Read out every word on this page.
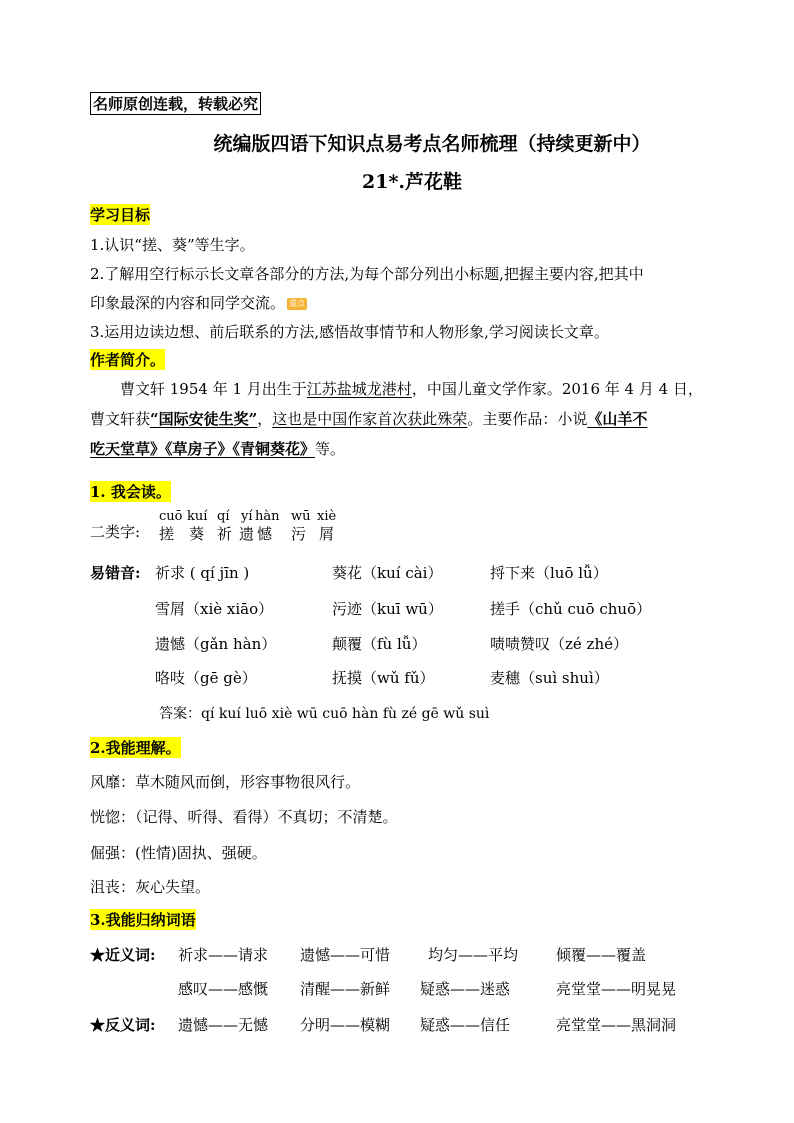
名师原创连载，转载必究
统编版四语下知识点易考点名师梳理（持续更新中）
21*.芦花鞋
学习目标
1.认识“搓、葵”等生字。
2.了解用空行标示长文章各部分的方法,为每个部分列出小标题,把握主要内容,把其中
印象最深的内容和同学交流。 重点
3.运用边读边想、前后联系的方法,感悟故事情节和人物形象,学习阅读长文章。
作者简介。
曹文轩 1954 年 1 月出生于江苏盐城龙港村，中国儿童文学作家。2016 年 4 月 4 日，
曹文轩获“国际安徒生奖”，这也是中国作家首次获此殊荣。主要作品：小说《山羊不
吃天堂草》《草房子》《青铜葵花》等。
1. 我会读。
二类字:
cuō kuí qí yí hàn wū xiè
搓 葵 祈 遗 憾 污 屑
易错音: 祈求 ( qí jīn )	葵花（kuí cài）	捋下来（luō lǚ）
雪屑（xiè xiāo）	污迹（kuī wū）	搓手（chǔ cuō chuō）
遗憾（gǎn hàn）	颠覆（fù lǚ）	啧啧赞叹（zé zhé）
咯吱（gē gè）	抚摸（wǔ fǔ）	麦穗（suì shuì）
答案：qí kuí luō xiè wū cuō hàn fù zé gē wǔ suì
2.我能理解。
风靡：草木随风而倒，形容事物很风行。
恍惚：（记得、听得、看得）不真切；不清楚。
倔强：(性情)固执、强硬。
沮丧：灰心失望。
3.我能归纳词语
★近义词: 祈求——请求 遗憾——可惜	均匀——平均	倾覆——覆盖
感叹——感慨 清醒——新鲜 疑惑——迷惑	亮堂堂——明晃晃
★反义词: 遗憾——无憾 分明——模糊 疑惑——信任	亮堂堂——黑洞洞
